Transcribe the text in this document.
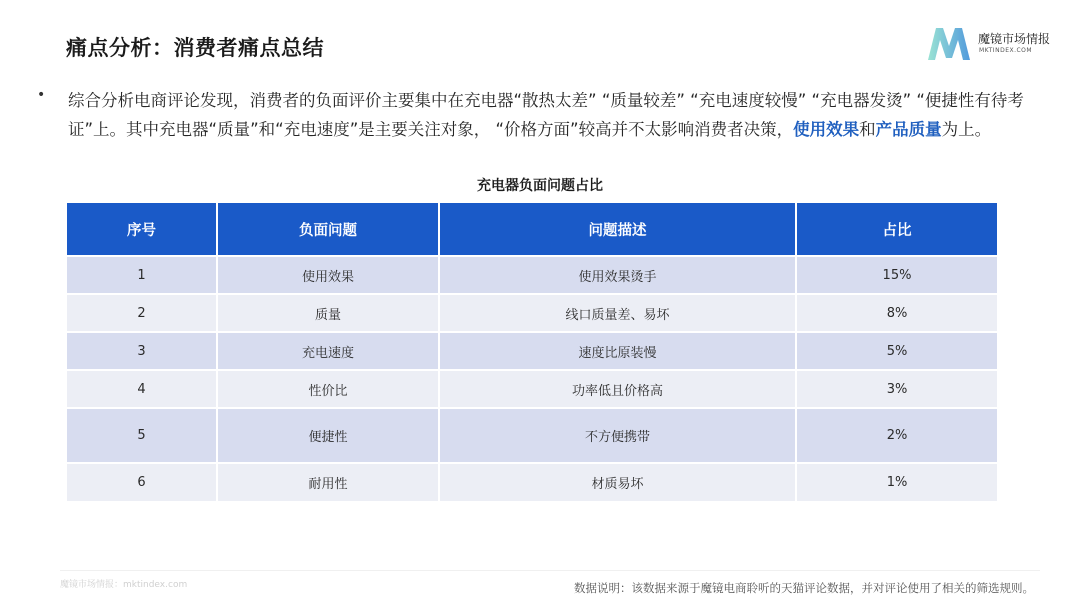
痛点分析：消费者痛点总结	魔镜市场情报
MKTINDEX.COM
• 综合分析电商评论发现，消费者的负面评价主要集中在充电器“散热太差” “质量较差” “充电速度较慢” “充电器发烫” “便捷性有待考证”上。其中充电器“质量”和“充电速度”是主要关注对象， “价格方面”较高并不太影响消费者决策，使用效果和产品质量为上。
充电器负面问题占比
序号	负面问题	问题描述	占比
1	使用效果	使用效果烫手	15%
2	质量	线口质量差、易坏	8%
3	充电速度	速度比原装慢	5%
4	性价比	功率低且价格高	3%
5	便捷性	不方便携带	2%
6	耐用性	材质易坏	1%
魔镜市场情报：mktindex.com	数据说明：该数据来源于魔镜电商聆听的天猫评论数据，并对评论使用了相关的筛选规则。
